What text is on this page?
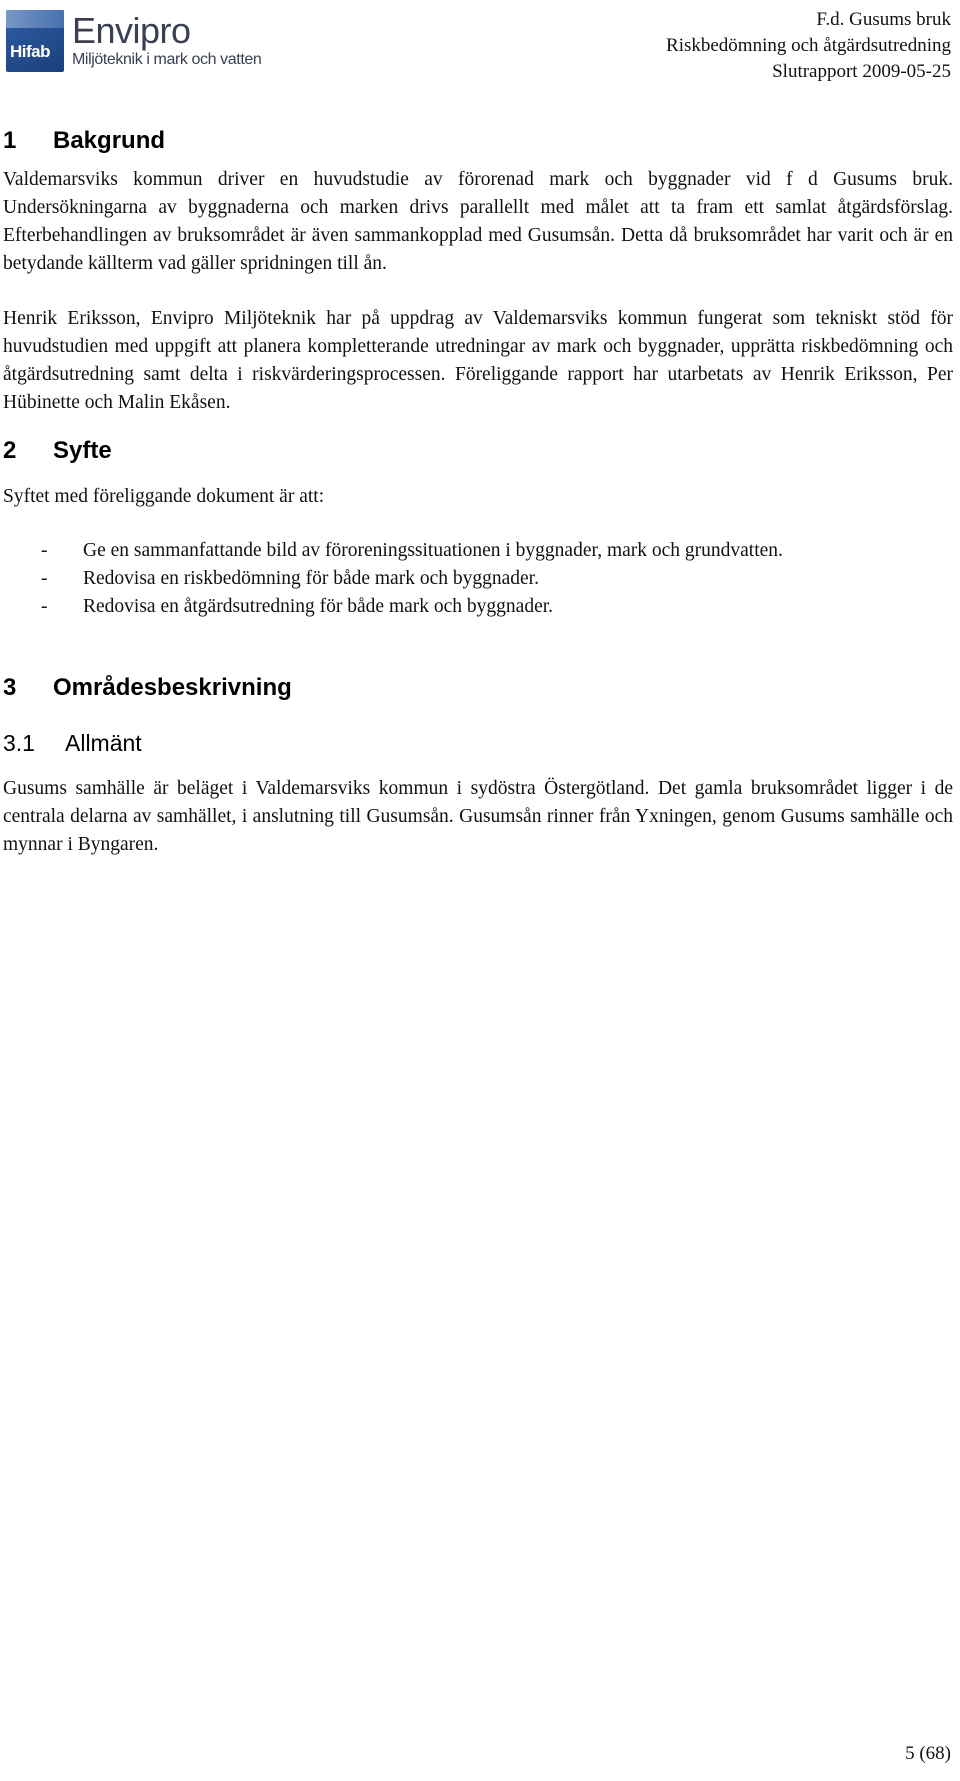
Hifab
Envipro
Miljöteknik i mark och vatten
F.d. Gusums bruk
Riskbedömning och åtgärdsutredning
Slutrapport 2009-05-25
1 Bakgrund

Valdemarsviks kommun driver en huvudstudie av förorenad mark och byggnader vid f d Gusums bruk. Undersökningarna av byggnaderna och marken drivs parallellt med målet att ta fram ett samlat åtgärdsförslag. Efterbehandlingen av bruksområdet är även sammankopplad med Gusumsån. Detta då bruksområdet har varit och är en betydande källterm vad gäller spridningen till ån.

Henrik Eriksson, Envipro Miljöteknik har på uppdrag av Valdemarsviks kommun fungerat som tekniskt stöd för huvudstudien med uppgift att planera kompletterande utredningar av mark och byggnader, upprätta riskbedömning och åtgärdsutredning samt delta i riskvärderingsprocessen. Föreliggande rapport har utarbetats av Henrik Eriksson, Per Hübinette och Malin Ekåsen.

2 Syfte

Syftet med föreliggande dokument är att:

-	Ge en sammanfattande bild av föroreningssituationen i byggnader, mark och grundvatten.
-	Redovisa en riskbedömning för både mark och byggnader.
-	Redovisa en åtgärdsutredning för både mark och byggnader.
3 Områdesbeskrivning
3.1 Allmänt

Gusums samhälle är beläget i Valdemarsviks kommun i sydöstra Östergötland. Det gamla bruksområdet ligger i de centrala delarna av samhället, i anslutning till Gusumsån. Gusumsån rinner från Yxningen, genom Gusums samhälle och mynnar i Byngaren.

5 (68)
